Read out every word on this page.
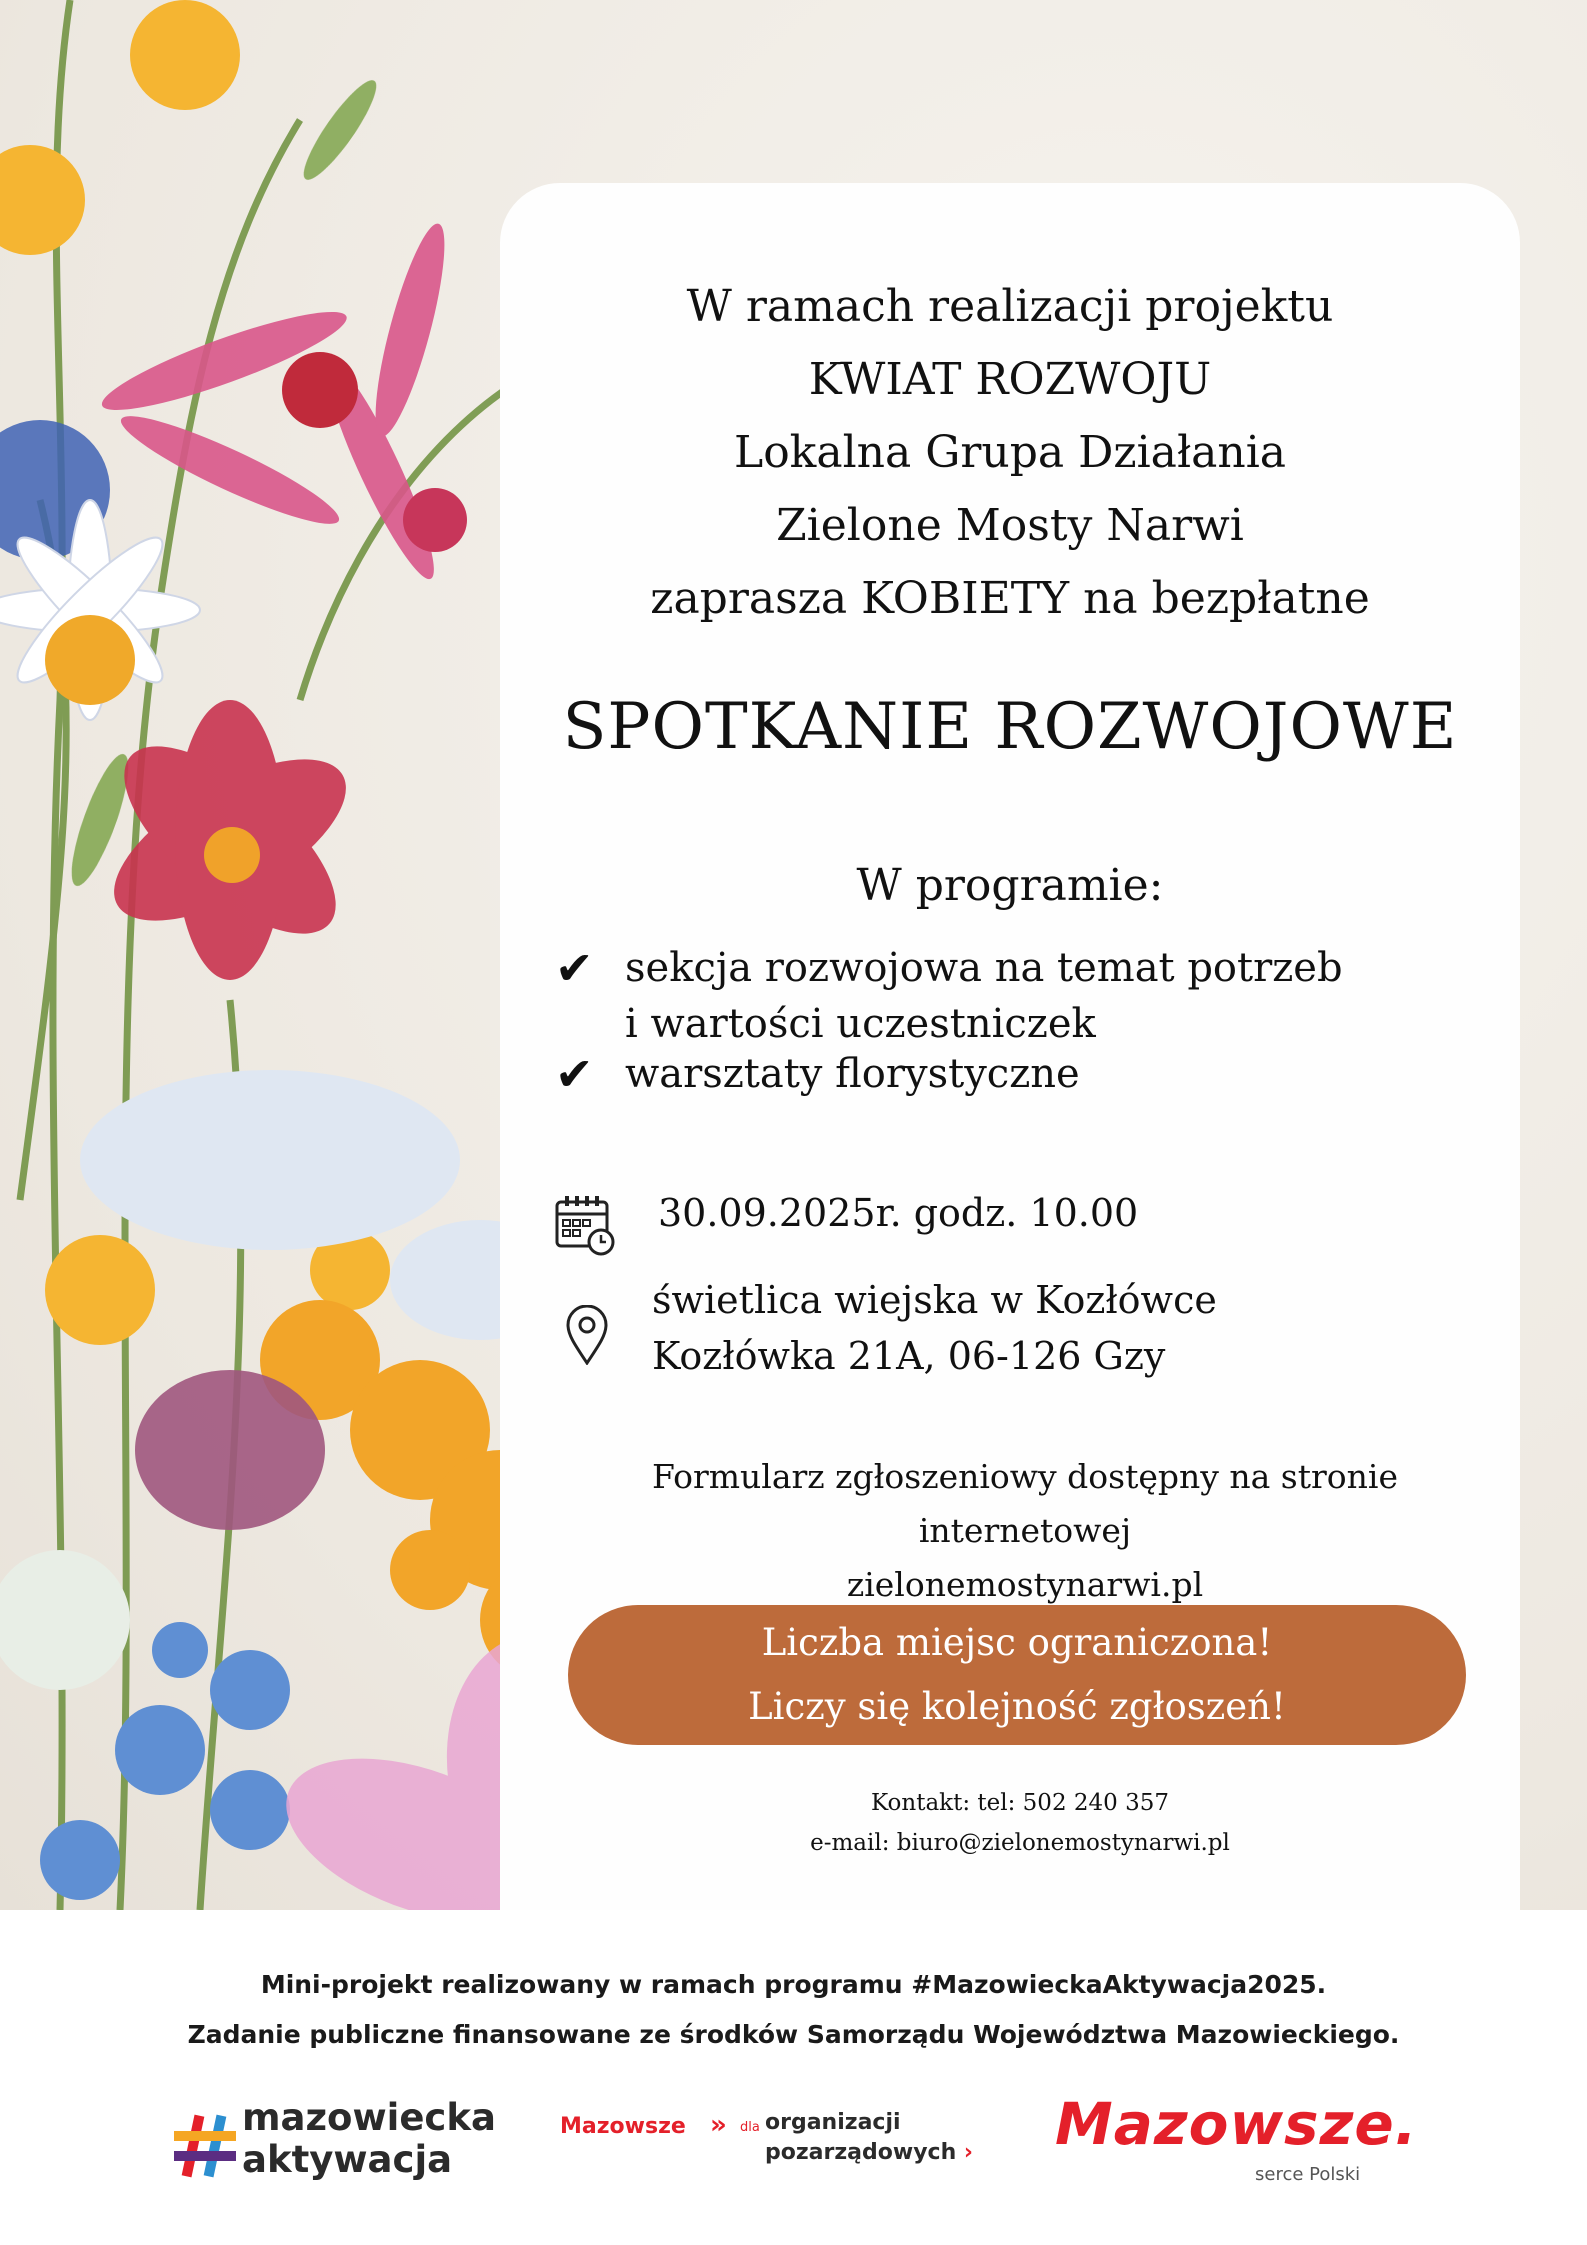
W ramach realizacji projektu
KWIAT ROZWOJU
Lokalna Grupa Działania
Zielone Mosty Narwi
zaprasza KOBIETY na bezpłatne
SPOTKANIE ROZWOJOWE
W programie:
✔ sekcja rozwojowa na temat potrzeb
i wartości uczestniczek
✔ warsztaty florystyczne
30.09.2025r. godz. 10.00
świetlica wiejska w Kozłówce
Kozłówka 21A, 06-126 Gzy
Formularz zgłoszeniowy dostępny na stronie internetowej
zielonemostynarwi.pl
Liczba miejsc ograniczona!
Liczy się kolejność zgłoszeń!
Kontakt: tel: 502 240 357
e-mail: biuro@zielonemostynarwi.pl
Mini-projekt realizowany w ramach programu #MazowieckaAktywacja2025.
Zadanie publiczne finansowane ze środków Samorządu Województwa Mazowieckiego.
mazowiecka
aktywacja
Mazowsze » dla organizacji
pozarządowych › Mazowsze.
serce Polski
